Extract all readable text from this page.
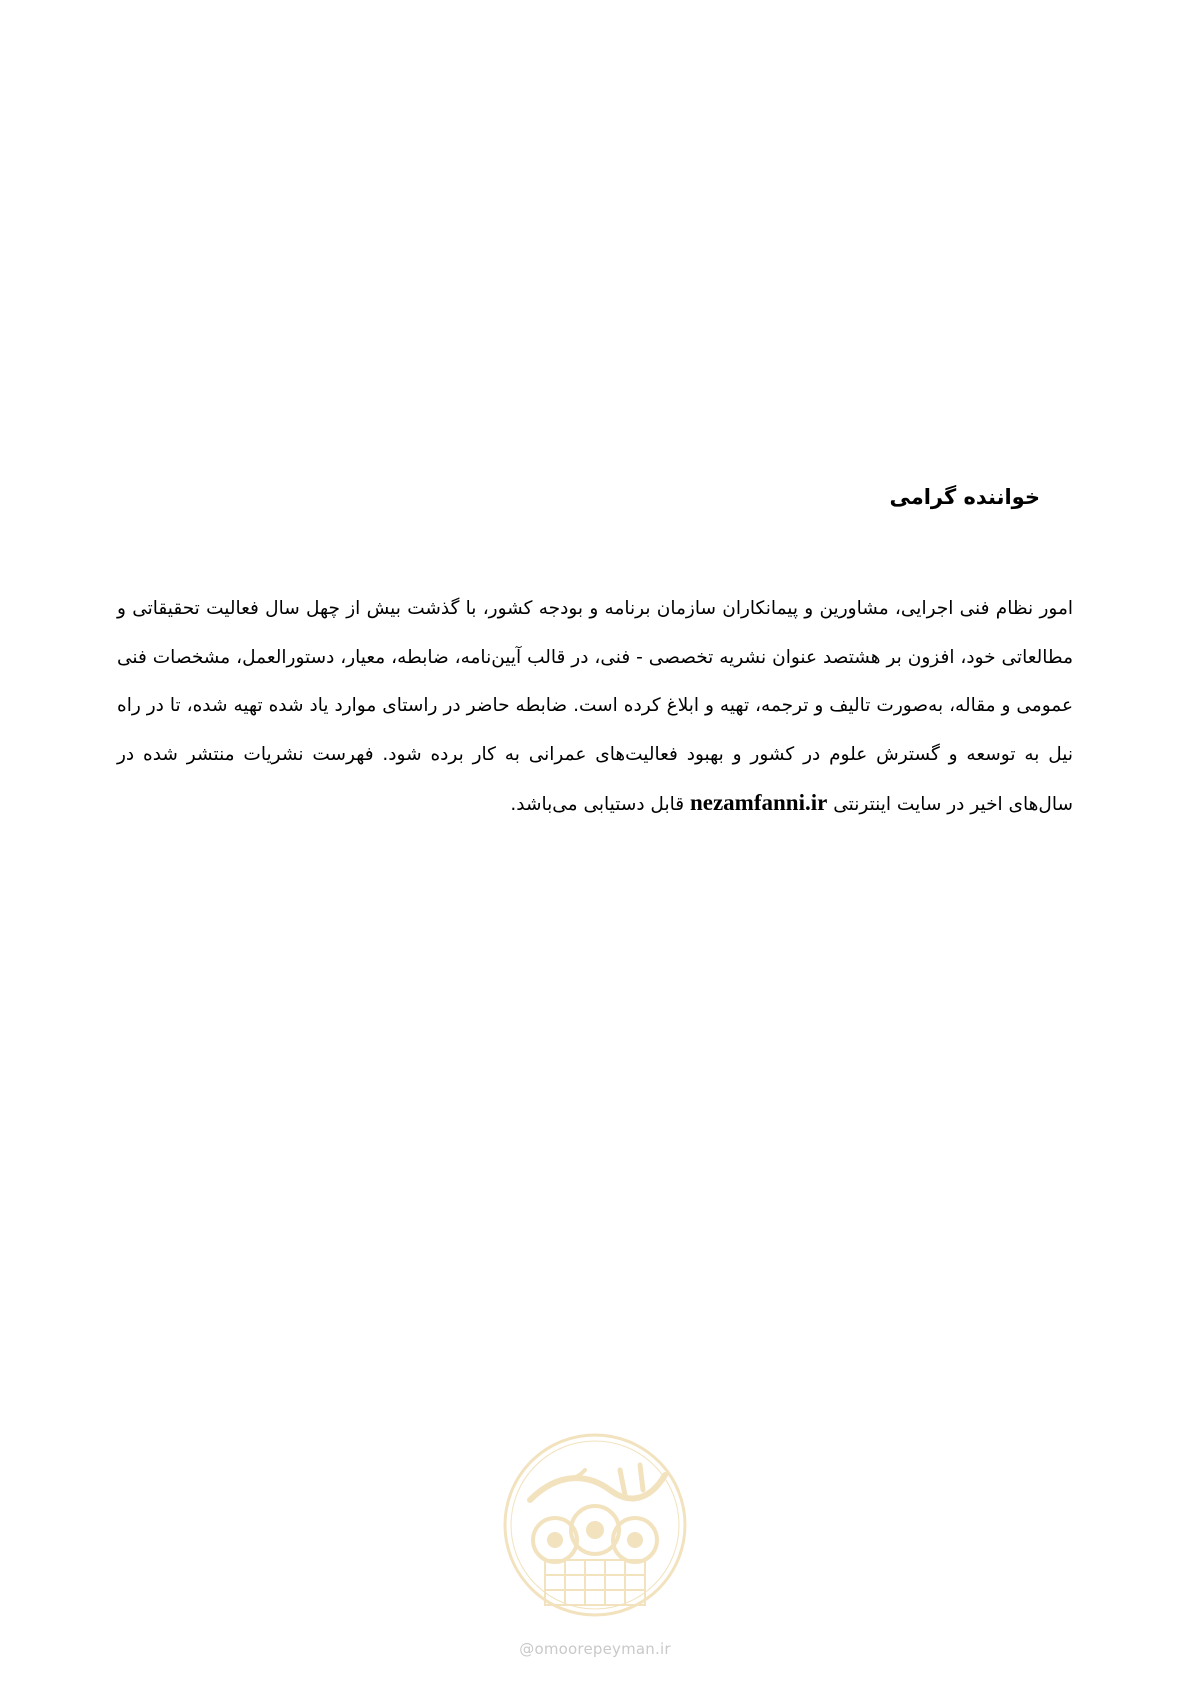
خواننده گرامی

امور نظام فنی اجرایی، مشاورین و پیمانکاران سازمان برنامه و بودجه کشور، با گذشت بیش از چهل سال فعالیت تحقیقاتی و مطالعاتی خود، افزون بر هشتصد عنوان نشریه تخصصی - فنی، در قالب آیین‌نامه، ضابطه، معیار، دستورالعمل، مشخصات فنی عمومی و مقاله، به‌صورت تالیف و ترجمه، تهیه و ابلاغ کرده است. ضابطه حاضر در راستای موارد یاد شده تهیه شده، تا در راه نیل به توسعه و گسترش علوم در کشور و بهبود فعالیت‌های عمرانی به کار برده شود. فهرست نشریات منتشر شده در سال‌های اخیر در سایت اینترنتی nezamfanni.ir قابل دستیابی می‌باشد.

@omoorepeyman.ir
